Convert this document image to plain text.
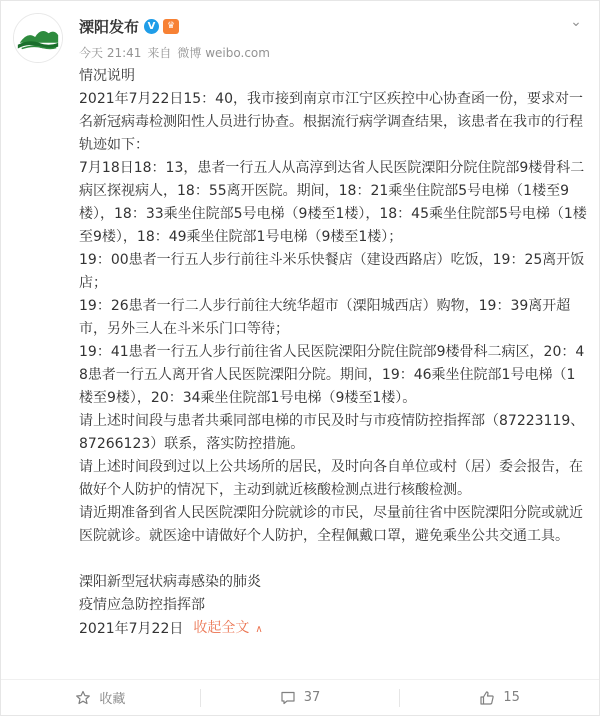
溧阳发布 V	♛
今天 21:41 来自 微博 weibo.com
⌄

情况说明

2021年7月22日15：40，我市接到南京市江宁区疾控中心协查函一份，要求对一名新冠病毒检测阳性人员进行协查。根据流行病学调查结果，该患者在我市的行程轨迹如下：

7月18日18：13，患者一行五人从高淳到达省人民医院溧阳分院住院部9楼骨科二病区探视病人，18：55离开医院。期间，18：21乘坐住院部5号电梯（1楼至9楼），18：33乘坐住院部5号电梯（9楼至1楼），18：45乘坐住院部5号电梯（1楼至9楼），18：49乘坐住院部1号电梯（9楼至1楼）；

19：00患者一行五人步行前往斗米乐快餐店（建设西路店）吃饭，19：25离开饭店；

19：26患者一行二人步行前往大统华超市（溧阳城西店）购物，19：39离开超市，另外三人在斗米乐门口等待；

19：41患者一行五人步行前往省人民医院溧阳分院住院部9楼骨科二病区，20：48患者一行五人离开省人民医院溧阳分院。期间，19：46乘坐住院部1号电梯（1楼至9楼），20：34乘坐住院部1号电梯（9楼至1楼）。

请上述时间段与患者共乘同部电梯的市民及时与市疫情防控指挥部（87223119、87266123）联系，落实防控措施。

请上述时间段到过以上公共场所的居民，及时向各自单位或村（居）委会报告，在做好个人防护的情况下，主动到就近核酸检测点进行核酸检测。

请近期准备到省人民医院溧阳分院就诊的市民，尽量前往省中医院溧阳分院或就近医院就诊。就医途中请做好个人防护，全程佩戴口罩，避免乘坐公共交通工具。

溧阳新型冠状病毒感染的肺炎

疫情应急防控指挥部

2021年7月22日 收起全文 ∧

收藏	37	15
